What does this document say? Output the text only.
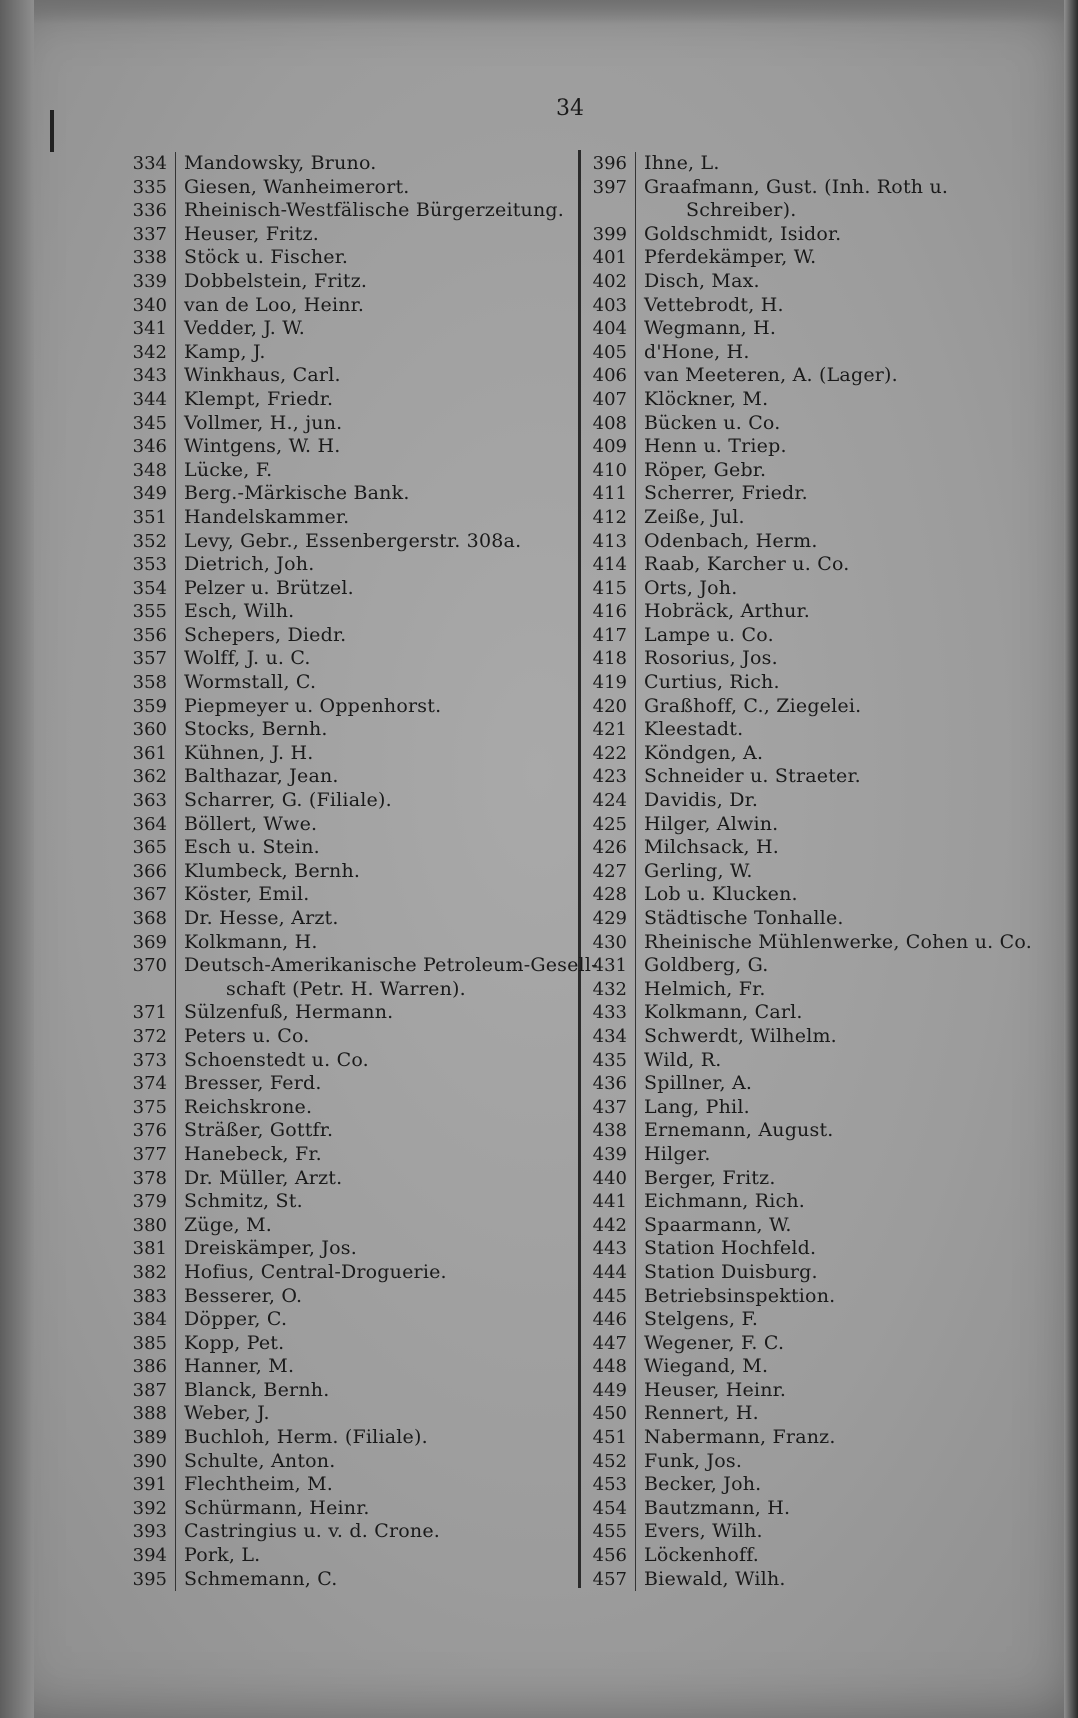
34
334 Mandowsky, Bruno.
335 Giesen, Wanheimerort.
336 Rheinisch-Westfälische Bürgerzeitung.
337 Heuser, Fritz.
338 Stöck u. Fischer.
339 Dobbelstein, Fritz.
340 van de Loo, Heinr.
341 Vedder, J. W.
342 Kamp, J.
343 Winkhaus, Carl.
344 Klempt, Friedr.
345 Vollmer, H., jun.
346 Wintgens, W. H.
348 Lücke, F.
349 Berg.-Märkische Bank.
351 Handelskammer.
352 Levy, Gebr., Essenbergerstr. 308a.
353 Dietrich, Joh.
354 Pelzer u. Brützel.
355 Esch, Wilh.
356 Schepers, Diedr.
357 Wolff, J. u. C.
358 Wormstall, C.
359 Piepmeyer u. Oppenhorst.
360 Stocks, Bernh.
361 Kühnen, J. H.
362 Balthazar, Jean.
363 Scharrer, G. (Filiale).
364 Böllert, Wwe.
365 Esch u. Stein.
366 Klumbeck, Bernh.
367 Köster, Emil.
368 Dr. Hesse, Arzt.
369 Kolkmann, H.
370 Deutsch-Amerikanische Petroleum-Gesell-
schaft (Petr. H. Warren).
371 Sülzenfuß, Hermann.
372 Peters u. Co.
373 Schoenstedt u. Co.
374 Bresser, Ferd.
375 Reichskrone.
376 Sträßer, Gottfr.
377 Hanebeck, Fr.
378 Dr. Müller, Arzt.
379 Schmitz, St.
380 Züge, M.
381 Dreiskämper, Jos.
382 Hofius, Central-Droguerie.
383 Besserer, O.
384 Döpper, C.
385 Kopp, Pet.
386 Hanner, M.
387 Blanck, Bernh.
388 Weber, J.
389 Buchloh, Herm. (Filiale).
390 Schulte, Anton.
391 Flechtheim, M.
392 Schürmann, Heinr.
393 Castringius u. v. d. Crone.
394 Pork, L.
395 Schmemann, C.
396 Ihne, L.
397 Graafmann, Gust. (Inh. Roth u.
Schreiber).
399 Goldschmidt, Isidor.
401 Pferdekämper, W.
402 Disch, Max.
403 Vettebrodt, H.
404 Wegmann, H.
405 d'Hone, H.
406 van Meeteren, A. (Lager).
407 Klöckner, M.
408 Bücken u. Co.
409 Henn u. Triep.
410 Röper, Gebr.
411 Scherrer, Friedr.
412 Zeiße, Jul.
413 Odenbach, Herm.
414 Raab, Karcher u. Co.
415 Orts, Joh.
416 Hobräck, Arthur.
417 Lampe u. Co.
418 Rosorius, Jos.
419 Curtius, Rich.
420 Graßhoff, C., Ziegelei.
421 Kleestadt.
422 Köndgen, A.
423 Schneider u. Straeter.
424 Davidis, Dr.
425 Hilger, Alwin.
426 Milchsack, H.
427 Gerling, W.
428 Lob u. Klucken.
429 Städtische Tonhalle.
430 Rheinische Mühlenwerke, Cohen u. Co.
431 Goldberg, G.
432 Helmich, Fr.
433 Kolkmann, Carl.
434 Schwerdt, Wilhelm.
435 Wild, R.
436 Spillner, A.
437 Lang, Phil.
438 Ernemann, August.
439 Hilger.
440 Berger, Fritz.
441 Eichmann, Rich.
442 Spaarmann, W.
443 Station Hochfeld.
444 Station Duisburg.
445 Betriebsinspektion.
446 Stelgens, F.
447 Wegener, F. C.
448 Wiegand, M.
449 Heuser, Heinr.
450 Rennert, H.
451 Nabermann, Franz.
452 Funk, Jos.
453 Becker, Joh.
454 Bautzmann, H.
455 Evers, Wilh.
456 Löckenhoff.
457 Biewald, Wilh.
